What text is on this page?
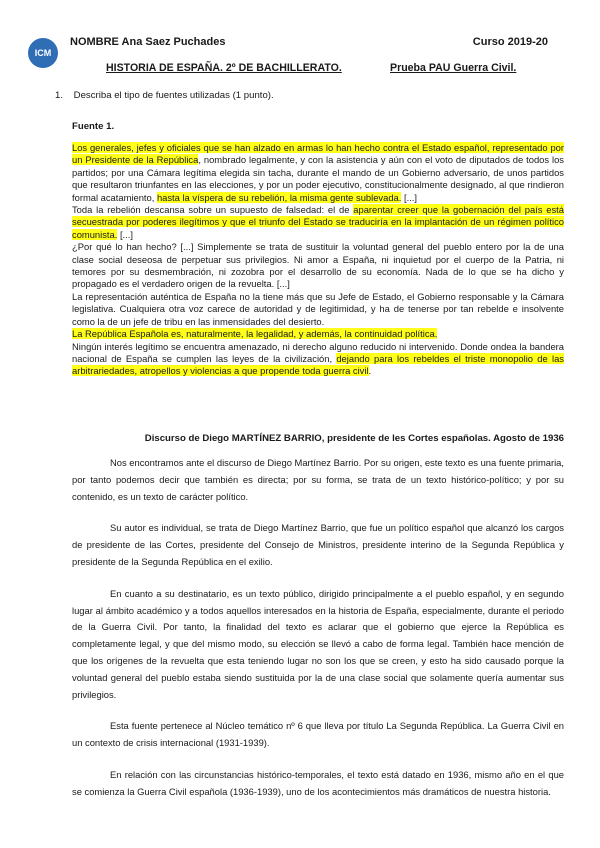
ICM
NOMBRE Ana Saez Puchades	Curso 2019-20
HISTORIA DE ESPAÑA. 2º DE BACHILLERATO.	Prueba PAU Guerra Civil.
1. Describa el tipo de fuentes utilizadas (1 punto).
Fuente 1.

Los generales, jefes y oficiales que se han alzado en armas lo han hecho contra el Estado español, representado por un Presidente de la República, nombrado legalmente, y con la asistencia y aún con el voto de diputados de todos los partidos; por una Cámara legítima elegida sin tacha, durante el mando de un Gobierno adversario, de unos partidos que resultaron triunfantes en las elecciones, y por un poder ejecutivo, constitucionalmente designado, al que rindieron formal acatamiento, hasta la víspera de su rebelión, la misma gente sublevada. [...]

Toda la rebelión descansa sobre un supuesto de falsedad: el de aparentar creer que la gobernación del país está secuestrada por poderes ilegítimos y que el triunfo del Estado se traduciría en la implantación de un régimen político comunista. [...]

¿Por qué lo han hecho? [...] Simplemente se trata de sustituir la voluntad general del pueblo entero por la de una clase social deseosa de perpetuar sus privilegios. Ni amor a España, ni inquietud por el cuerpo de la Patria, ni temores por su desmembración, ni zozobra por el desarrollo de su economía. Nada de lo que se ha dicho y propagado es el verdadero origen de la revuelta. [...]

La representación auténtica de España no la tiene más que su Jefe de Estado, el Gobierno responsable y la Cámara legislativa. Cualquiera otra voz carece de autoridad y de legitimidad, y ha de tenerse por tan rebelde e insolvente como la de un jefe de tribu en las inmensidades del desierto.

La República Española es, naturalmente, la legalidad, y además, la continuidad política.

Ningún interés legítimo se encuentra amenazado, ni derecho alguno reducido ni intervenido. Donde ondea la bandera nacional de España se cumplen las leyes de la civilización, dejando para los rebeldes el triste monopolio de las arbitrariedades, atropellos y violencias a que propende toda guerra civil.

Discurso de Diego MARTÍNEZ BARRIO, presidente de les Cortes españolas. Agosto de 1936

Nos encontramos ante el discurso de Diego Martínez Barrio. Por su origen, este texto es una fuente primaria, por tanto podemos decir que también es directa; por su forma, se trata de un texto histórico-político; y por su contenido, es un texto de carácter político.

Su autor es individual, se trata de Diego Martínez Barrio, que fue un político español que alcanzó los cargos de presidente de las Cortes, presidente del Consejo de Ministros, presidente interino de la Segunda República y presidente de la Segunda República en el exilio.

En cuanto a su destinatario, es un texto público, dirigido principalmente a el pueblo español, y en segundo lugar al ámbito académico y a todos aquellos interesados en la historia de España, especialmente, durante el periodo de la Guerra Civil. Por tanto, la finalidad del texto es aclarar que el gobierno que ejerce la República es completamente legal, y que del mismo modo, su elección se llevó a cabo de forma legal. También hace mención de que los orígenes de la revuelta que esta teniendo lugar no son los que se creen, y esto ha sido causado porque la voluntad general del pueblo estaba siendo sustituida por la de una clase social que solamente quería aumentar sus privilegios.

Esta fuente pertenece al Núcleo temático nº 6 que lleva por título La Segunda República. La Guerra Civil en un contexto de crisis internacional (1931-1939).

En relación con las circunstancias histórico-temporales, el texto está datado en 1936, mismo año en el que se comienza la Guerra Civil española (1936-1939), uno de los acontecimientos más dramáticos de nuestra historia.
